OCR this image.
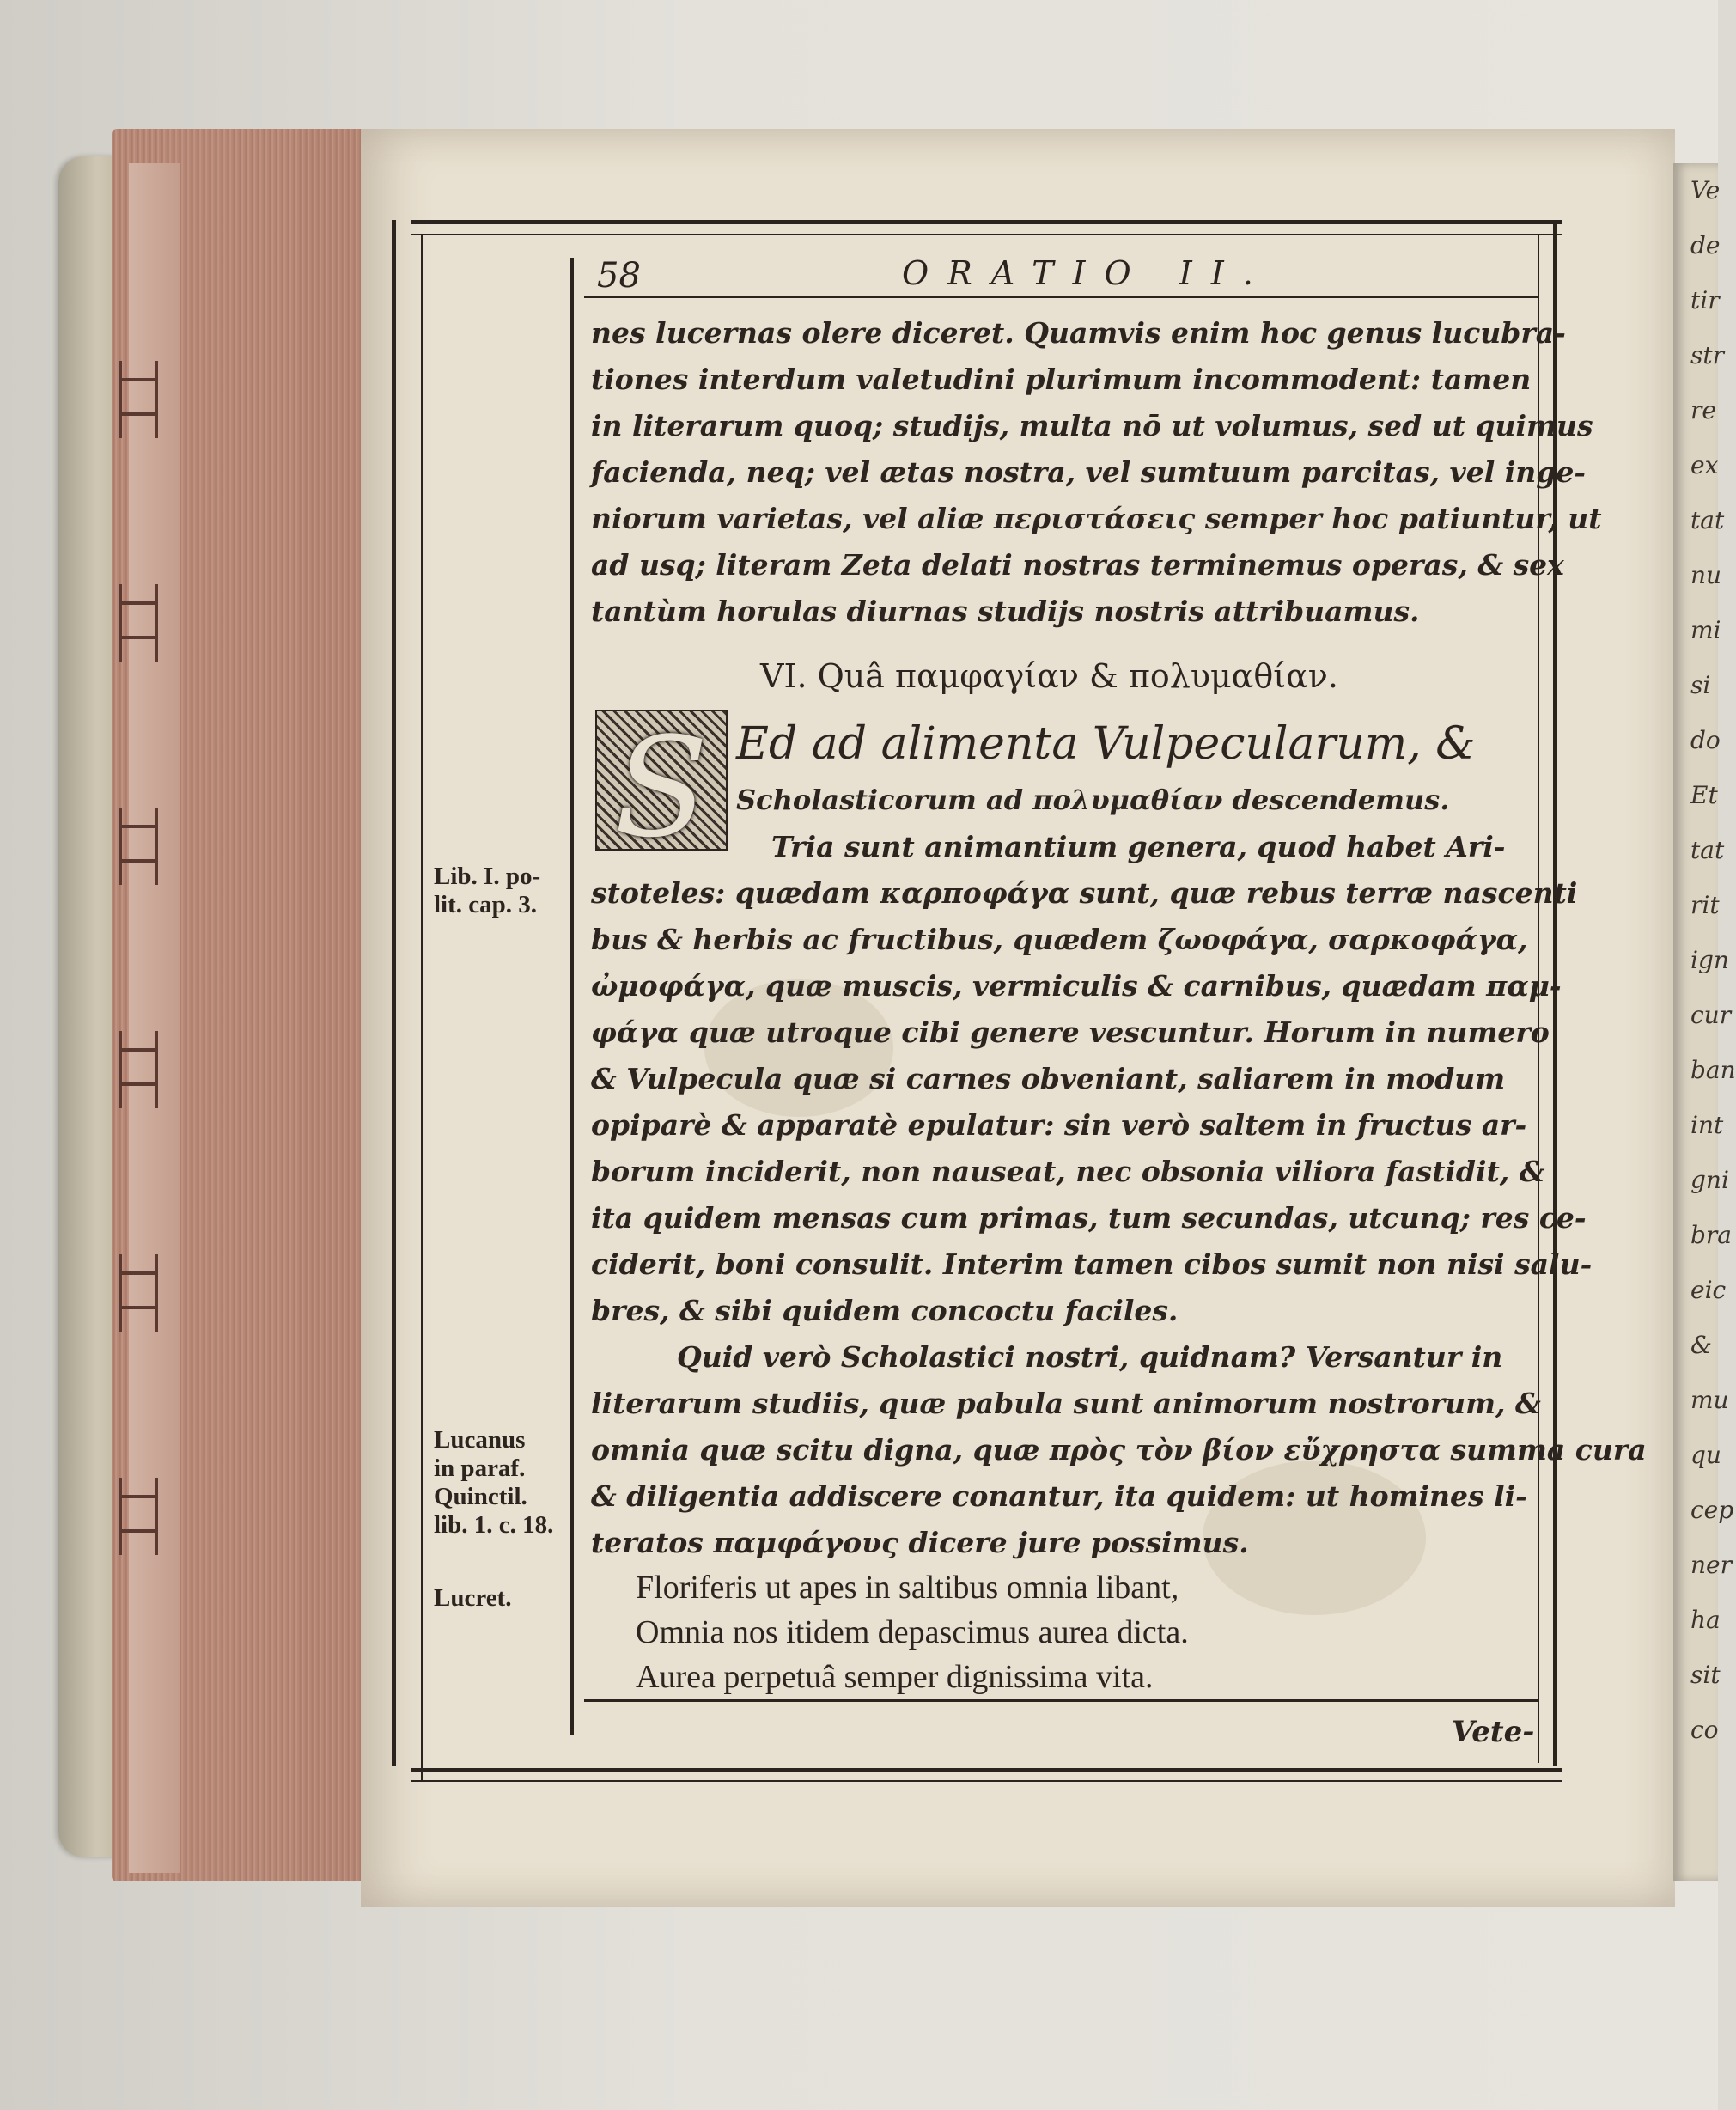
Ve
de
tir
str
re
ex
tat
nu
mi
si
do
Et
tat
rit
ign
cur
ban
int
gni
bra
eic
&
mu
qu
cep
ner
ha
sit
co
58	ORATIO II.
nes lucernas olere diceret. Quamvis enim hoc genus lucubra-
tiones interdum valetudini plurimum incommodent: tamen
in literarum quoq; studijs, multa nō ut volumus, sed ut quimus
facienda, neq; vel ætas nostra, vel sumtuum parcitas, vel inge-
niorum varietas, vel aliæ περιστάσεις semper hoc patiuntur, ut
ad usq; literam Zeta delati nostras terminemus operas, & sex
tantùm horulas diurnas studijs nostris attribuamus.
VI. Quâ παμφαγίαν & πολυμαθίαν.
S Ed ad alimenta Vulpecularum, &
Scholasticorum ad πολυμαθίαν descendemus.
Tria sunt animantium genera, quod habet Ari-
stoteles: quædam καρποφάγα sunt, quæ rebus terræ nascenti
bus & herbis ac fructibus, quædem ζωοφάγα, σαρκοφάγα,
ὠμοφάγα, quæ muscis, vermiculis & carnibus, quædam παμ-
φάγα quæ utroque cibi genere vescuntur. Horum in numero
& Vulpecula quæ si carnes obveniant, saliarem in modum
opiparè & apparatè epulatur: sin verò saltem in fructus ar-
borum inciderit, non nauseat, nec obsonia viliora fastidit, &
ita quidem mensas cum primas, tum secundas, utcunq; res ce-
ciderit, boni consulit. Interim tamen cibos sumit non nisi salu-
bres, & sibi quidem concoctu faciles.
Quid verò Scholastici nostri, quidnam? Versantur in
literarum studiis, quæ pabula sunt animorum nostrorum, &
omnia quæ scitu digna, quæ πρὸς τὸν βίον εὔχρηστα summa cura
& diligentia addiscere conantur, ita quidem: ut homines li-
teratos παμφάγους dicere jure possimus.
Floriferis ut apes in saltibus omnia libant,
Omnia nos itidem depascimus aurea dicta.
Aurea perpetuâ semper dignissima vita.
Vete-
Lib. I. po-
lit. cap. 3.
Lucanus
in paraf.
Quinctil.
lib. 1. c. 18.
Lucret.
